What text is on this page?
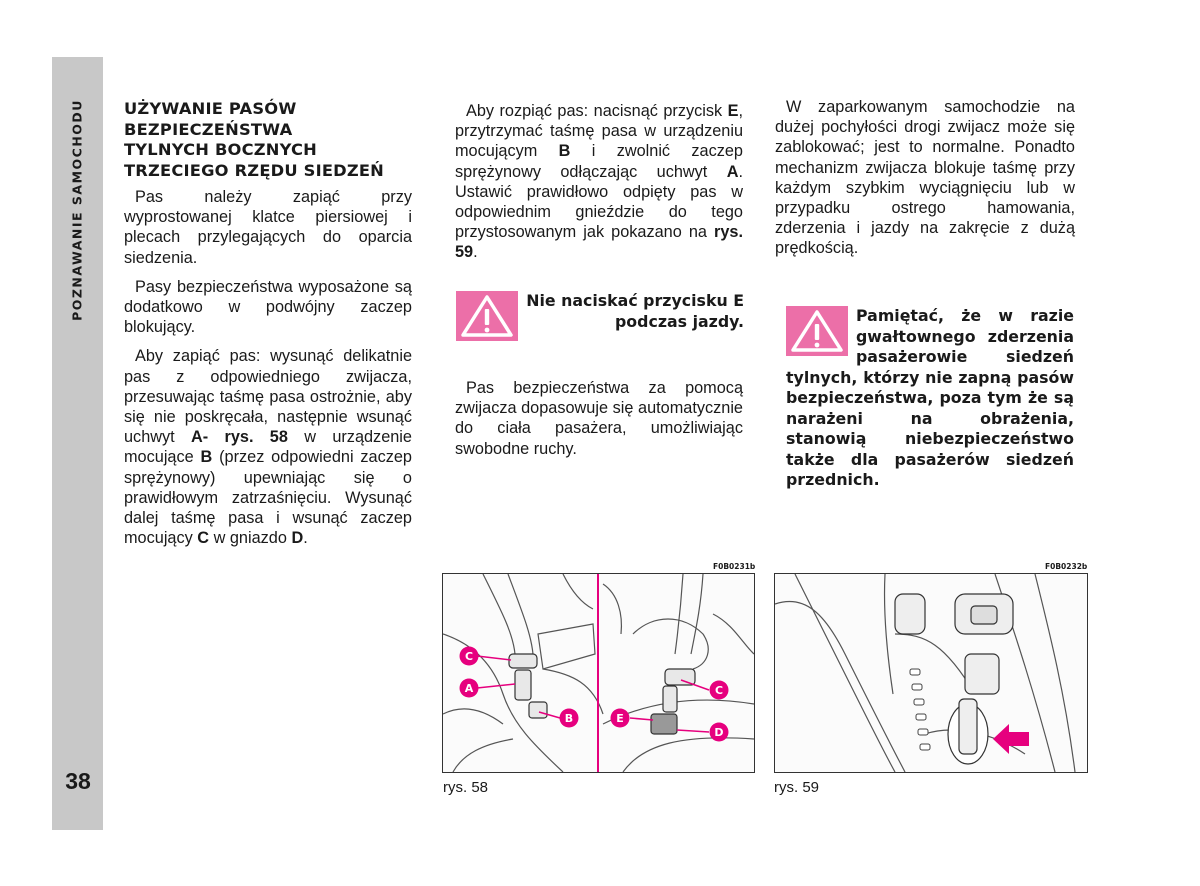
POZNAWANIE SAMOCHODU
38
UŻYWANIE PASÓW
BEZPIECZEŃSTWA
TYLNYCH BOCZNYCH
TRZECIEGO RZĘDU SIEDZEŃ

Pas należy zapiąć przy wyprostowanej klatce piersiowej i plecach przylegających do oparcia siedzenia.

Pasy bezpieczeństwa wyposażone są dodatkowo w podwójny zaczep blokujący.

Aby zapiąć pas: wysunąć delikatnie pas z odpowiedniego zwijacza, przesuwając taśmę pasa ostrożnie, aby się nie poskręcała, następnie wsunąć uchwyt A- rys. 58 w urządzenie mocujące B (przez odpowiedni zaczep sprężynowy) upewniając się o prawidłowym zatrzaśnięciu. Wysunąć dalej taśmę pasa i wsunąć zaczep mocujący C w gniazdo D.

Aby rozpiąć pas: nacisnąć przycisk E, przytrzymać taśmę pasa w urządzeniu mocującym B i zwolnić zaczep sprężynowy odłączając uchwyt A. Ustawić prawidłowo odpięty pas w odpowiednim gnieździe do tego przystosowanym jak pokazano na rys. 59.

Nie naciskać przycisku E podczas jazdy.

Pas bezpieczeństwa za pomocą zwijacza dopasowuje się automatycznie do ciała pasażera, umożliwiając swobodne ruchy.

W zaparkowanym samochodzie na dużej pochyłości drogi zwijacz może się zablokować; jest to normalne. Ponadto mechanizm zwijacza blokuje taśmę przy każdym szybkim wyciągnięciu lub w przypadku ostrego hamowania, zderzenia i jazdy na zakręcie z dużą prędkością.

Pamiętać, że w razie gwałtownego zderzenia pasażerowie siedzeń tylnych, którzy nie zapną pasów bezpieczeństwa, poza tym że są narażeni na obrażenia, stanowią niebezpieczeństwo także dla pasażerów siedzeń przednich.
F0B0231b
C
A
B
C
E
D
rys. 58
F0B0232b
rys. 59
